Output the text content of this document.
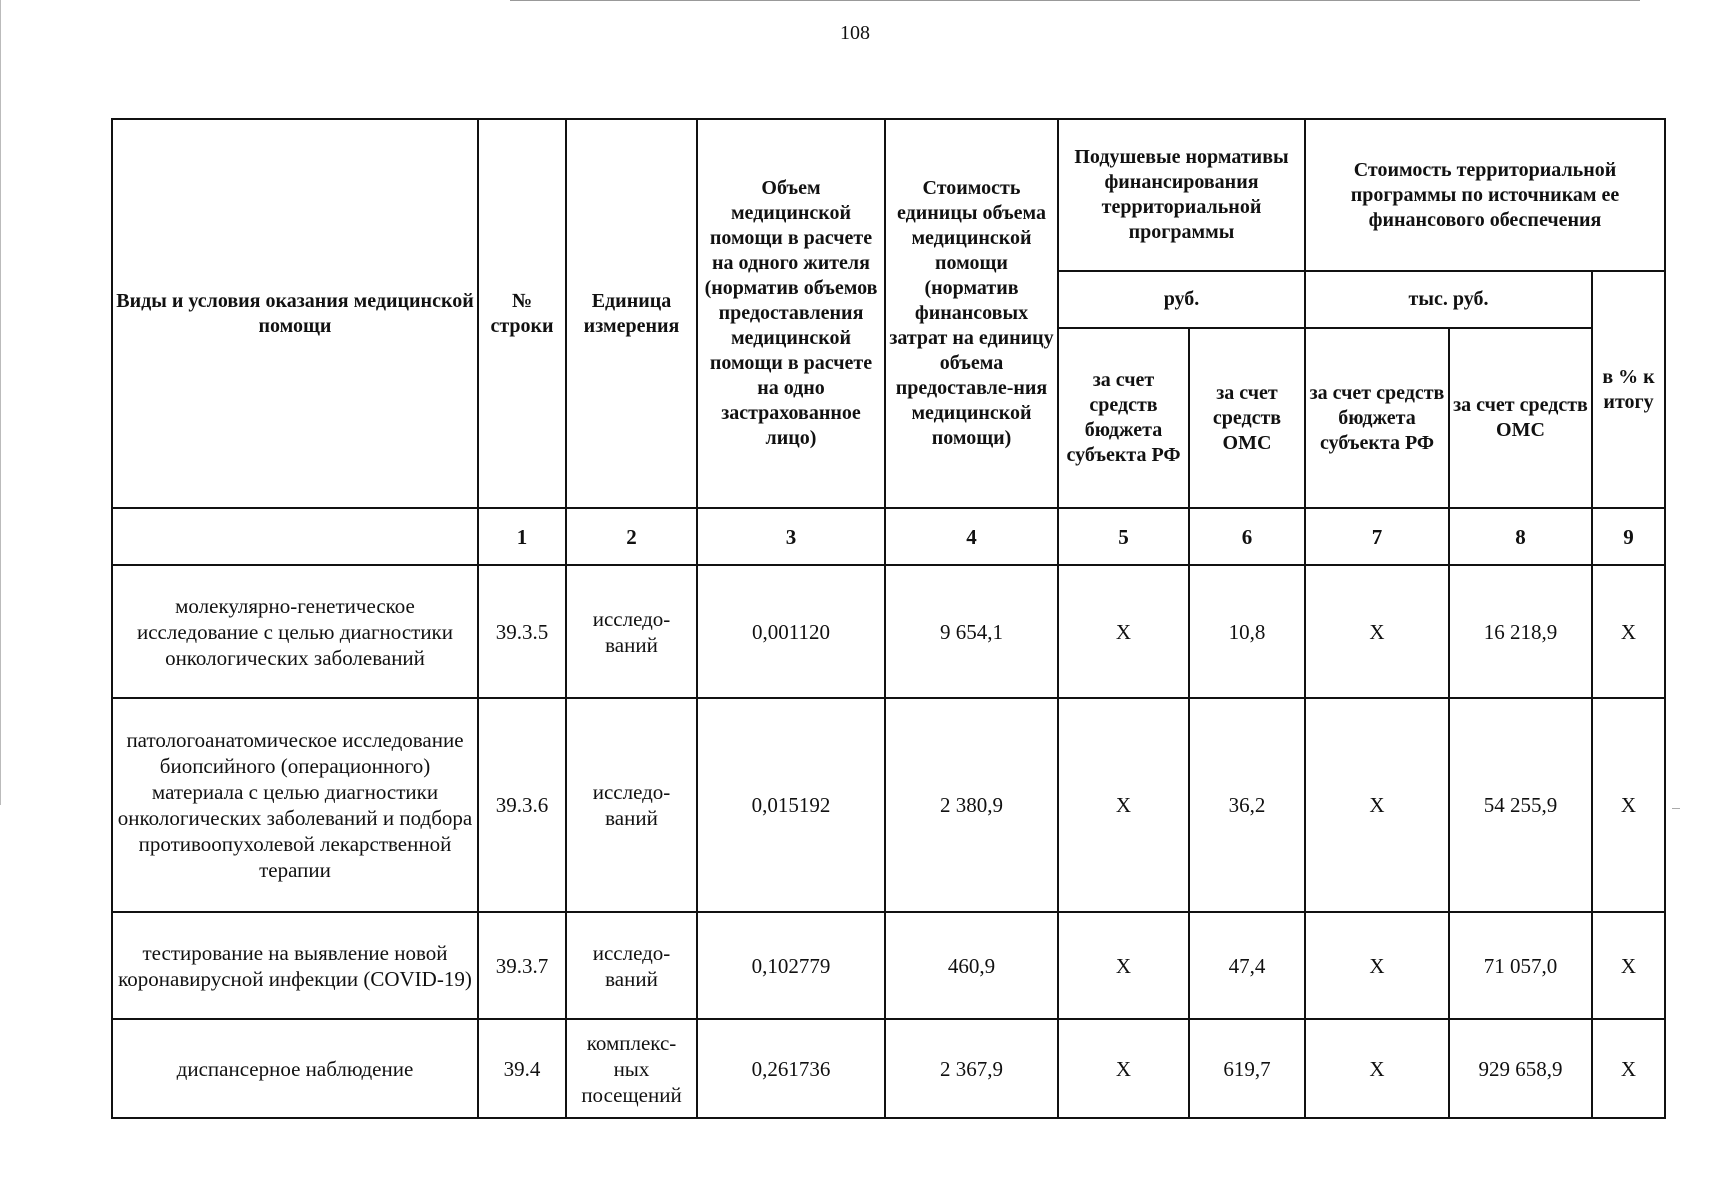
108
Виды и условия оказания медицинской помощи	№ строки	Единица измерения	Объем медицинской помощи в расчете на одного жителя (норматив объемов предоставления медицинской помощи в расчете на одно застрахованное лицо)	Стоимость единицы объема медицинской помощи (норматив финансовых затрат на единицу объема предоставле-ния медицинской помощи)	Подушевые нормативы финансирования территориальной программы		Стоимость территориальной программы по источникам ее финансового обеспечения		
					руб.		тыс. руб.		в % к итогу
					за счет средств бюджета субъекта РФ	за счет средств ОМС	за счет средств бюджета субъекта РФ	за счет средств ОМС	
	1	2	3	4	5	6	7	8	9
молекулярно-генетическое исследование с целью диагностики онкологических заболеваний	39.3.5	исследо-ваний	0,001120	9 654,1	X	10,8	X	16 218,9	X
патологоанатомическое исследование биопсийного (операционного) материала с целью диагностики онкологических заболеваний и подбора противоопухолевой лекарственной терапии	39.3.6	исследо-ваний	0,015192	2 380,9	X	36,2	X	54 255,9	X
тестирование на выявление новой коронавирусной инфекции (COVID-19)	39.3.7	исследо-ваний	0,102779	460,9	X	47,4	X	71 057,0	X
диспансерное наблюдение	39.4	комплекс-ных посещений	0,261736	2 367,9	X	619,7	X	929 658,9	X
